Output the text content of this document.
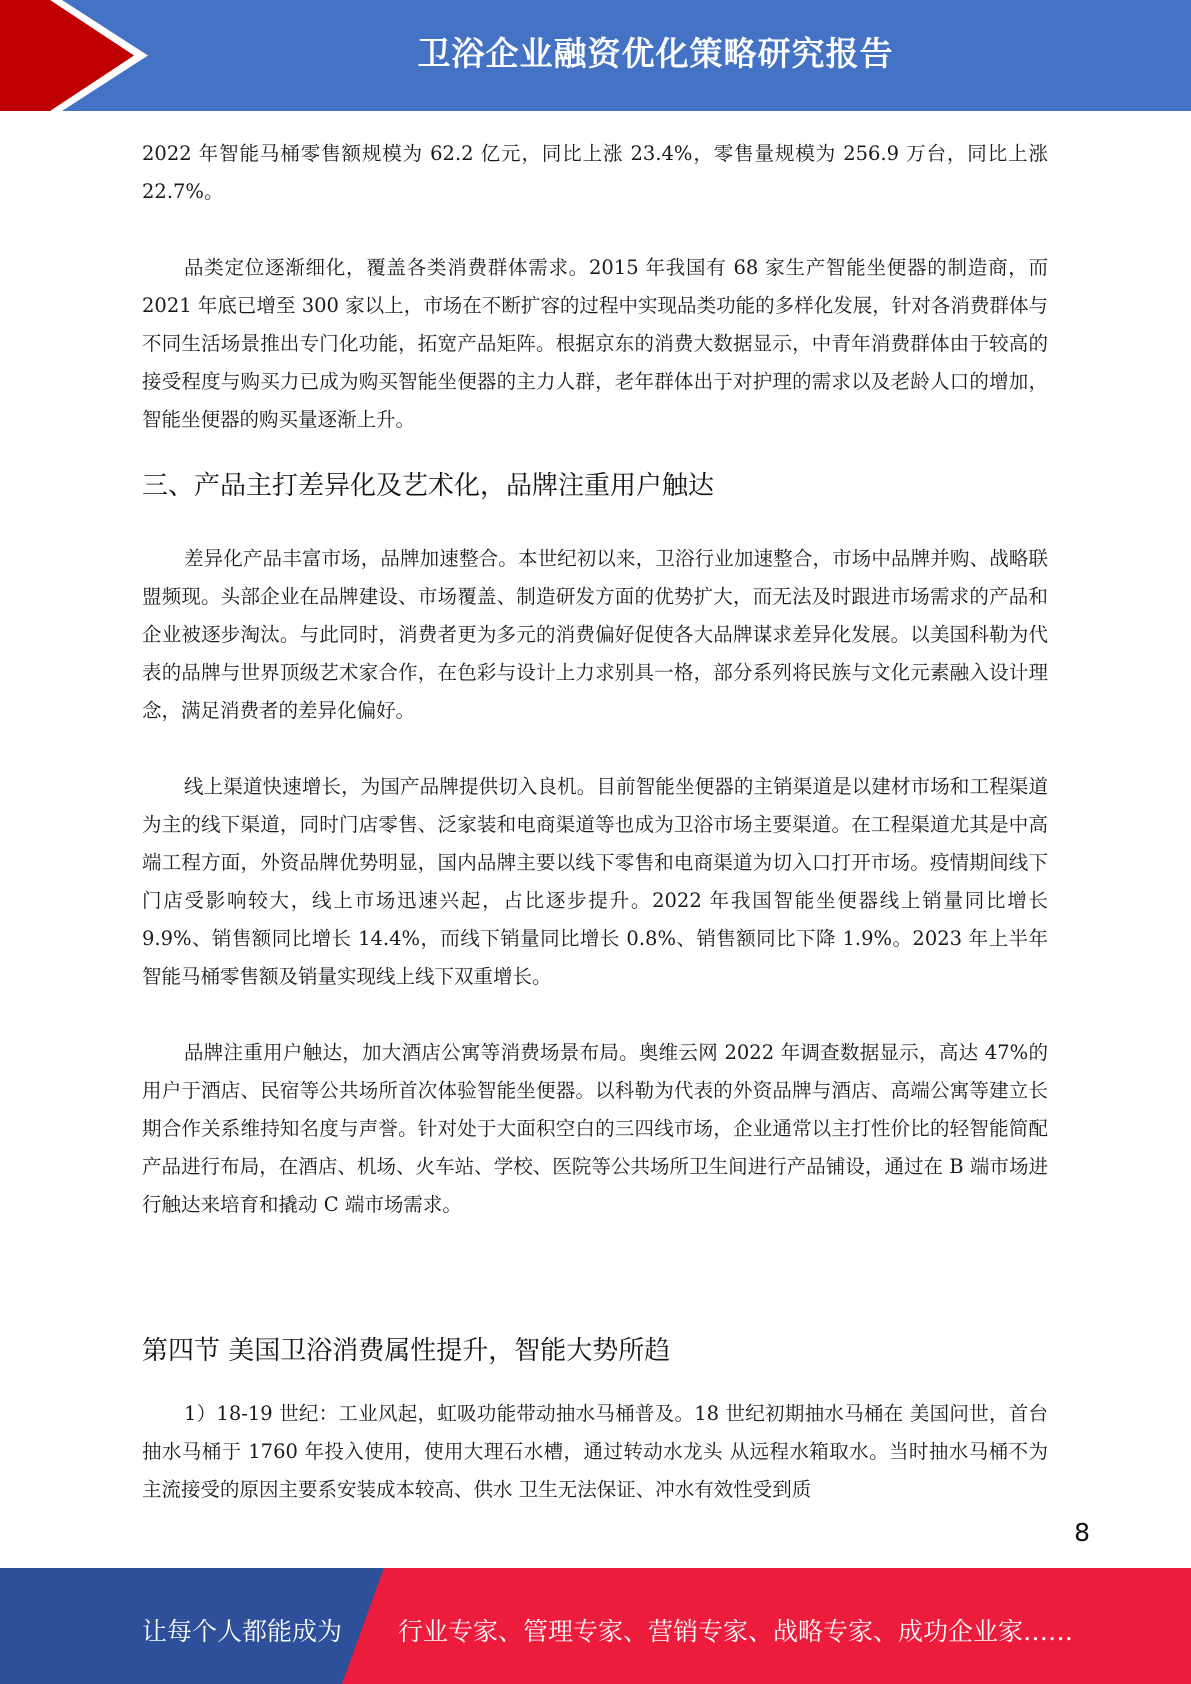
卫浴企业融资优化策略研究报告

2022 年智能马桶零售额规模为 62.2 亿元，同比上涨 23.4%，零售量规模为 256.9 万台，同比上涨 22.7%。

品类定位逐渐细化，覆盖各类消费群体需求。2015 年我国有 68 家生产智能坐便器的制造商，而 2021 年底已增至 300 家以上，市场在不断扩容的过程中实现品类功能的多样化发展，针对各消费群体与不同生活场景推出专门化功能，拓宽产品矩阵。根据京东的消费大数据显示，中青年消费群体由于较高的接受程度与购买力已成为购买智能坐便器的主力人群，老年群体出于对护理的需求以及老龄人口的增加，智能坐便器的购买量逐渐上升。

三、产品主打差异化及艺术化，品牌注重用户触达

差异化产品丰富市场，品牌加速整合。本世纪初以来，卫浴行业加速整合，市场中品牌并购、战略联盟频现。头部企业在品牌建设、市场覆盖、制造研发方面的优势扩大，而无法及时跟进市场需求的产品和企业被逐步淘汰。与此同时，消费者更为多元的消费偏好促使各大品牌谋求差异化发展。以美国科勒为代表的品牌与世界顶级艺术家合作，在色彩与设计上力求别具一格，部分系列将民族与文化元素融入设计理念，满足消费者的差异化偏好。

线上渠道快速增长，为国产品牌提供切入良机。目前智能坐便器的主销渠道是以建材市场和工程渠道为主的线下渠道，同时门店零售、泛家装和电商渠道等也成为卫浴市场主要渠道。在工程渠道尤其是中高端工程方面，外资品牌优势明显，国内品牌主要以线下零售和电商渠道为切入口打开市场。疫情期间线下门店受影响较大，线上市场迅速兴起，占比逐步提升。2022 年我国智能坐便器线上销量同比增长 9.9%、销售额同比增长 14.4%，而线下销量同比增长 0.8%、销售额同比下降 1.9%。2023 年上半年智能马桶零售额及销量实现线上线下双重增长。

品牌注重用户触达，加大酒店公寓等消费场景布局。奥维云网 2022 年调查数据显示，高达 47%的用户于酒店、民宿等公共场所首次体验智能坐便器。以科勒为代表的外资品牌与酒店、高端公寓等建立长期合作关系维持知名度与声誉。针对处于大面积空白的三四线市场，企业通常以主打性价比的轻智能简配产品进行布局，在酒店、机场、火车站、学校、医院等公共场所卫生间进行产品铺设，通过在 B 端市场进行触达来培育和撬动 C 端市场需求。

第四节 美国卫浴消费属性提升，智能大势所趋

1）18-19 世纪：工业风起，虹吸功能带动抽水马桶普及。18 世纪初期抽水马桶在 美国问世，首台抽水马桶于 1760 年投入使用，使用大理石水槽，通过转动水龙头 从远程水箱取水。当时抽水马桶不为主流接受的原因主要系安装成本较高、供水 卫生无法保证、冲水有效性受到质

8
让每个人都能成为 行业专家、管理专家、营销专家、战略专家、成功企业家……
